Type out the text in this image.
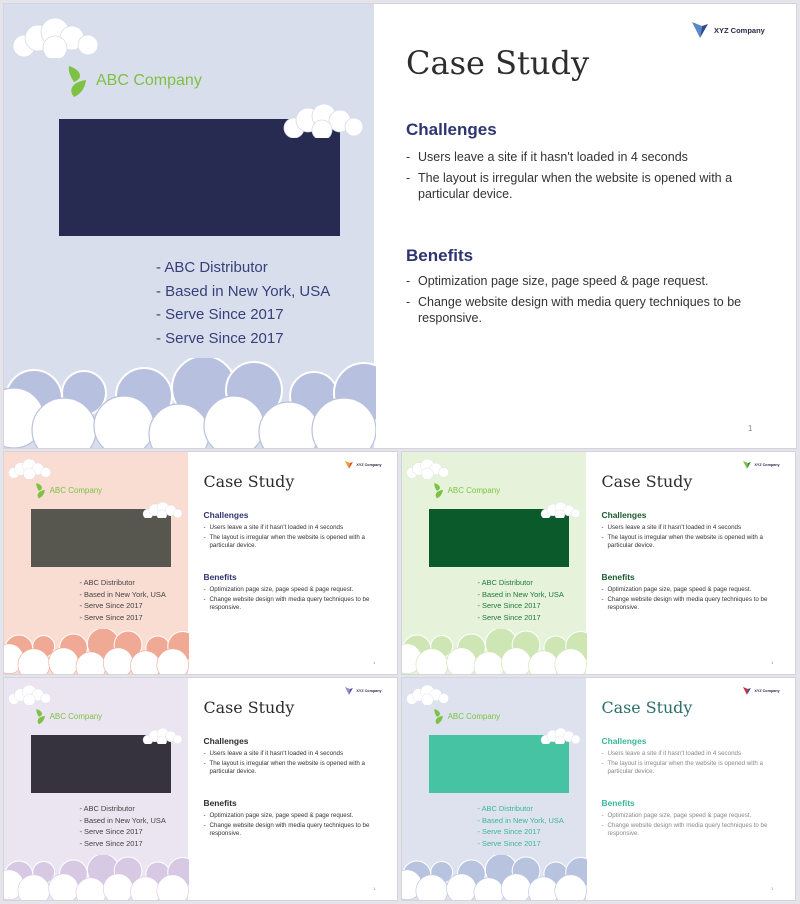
ABC Company
- ABC Distributor
- Based in New York, USA
- Serve Since 2017
- Serve Since 2017
Case Study
Challenges
- Users leave a site if it hasn't loaded in 4 seconds
- The layout is irregular when the website is opened with a particular device.
Benefits
- Optimization page size, page speed & page request.
- Change website design with media query techniques to be responsive.
XYZ Company
1
ABC Company
- ABC Distributor
- Based in New York, USA
- Serve Since 2017
- Serve Since 2017
Case Study
Challenges
- Users leave a site if it hasn't loaded in 4 seconds
- The layout is irregular when the website is opened with a particular device.
Benefits
- Optimization page size, page speed & page request.
- Change website design with media query techniques to be responsive.
XYZ Company
1
ABC Company
- ABC Distributor
- Based in New York, USA
- Serve Since 2017
- Serve Since 2017
Case Study
Challenges
- Users leave a site if it hasn't loaded in 4 seconds
- The layout is irregular when the website is opened with a particular device.
Benefits
- Optimization page size, page speed & page request.
- Change website design with media query techniques to be responsive.
XYZ Company
1
ABC Company
- ABC Distributor
- Based in New York, USA
- Serve Since 2017
- Serve Since 2017
Case Study
Challenges
- Users leave a site if it hasn't loaded in 4 seconds
- The layout is irregular when the website is opened with a particular device.
Benefits
- Optimization page size, page speed & page request.
- Change website design with media query techniques to be responsive.
XYZ Company
1
ABC Company
- ABC Distributor
- Based in New York, USA
- Serve Since 2017
- Serve Since 2017
Case Study
Challenges
- Users leave a site if it hasn't loaded in 4 seconds
- The layout is irregular when the website is opened with a particular device.
Benefits
- Optimization page size, page speed & page request.
- Change website design with media query techniques to be responsive.
XYZ Company
1
